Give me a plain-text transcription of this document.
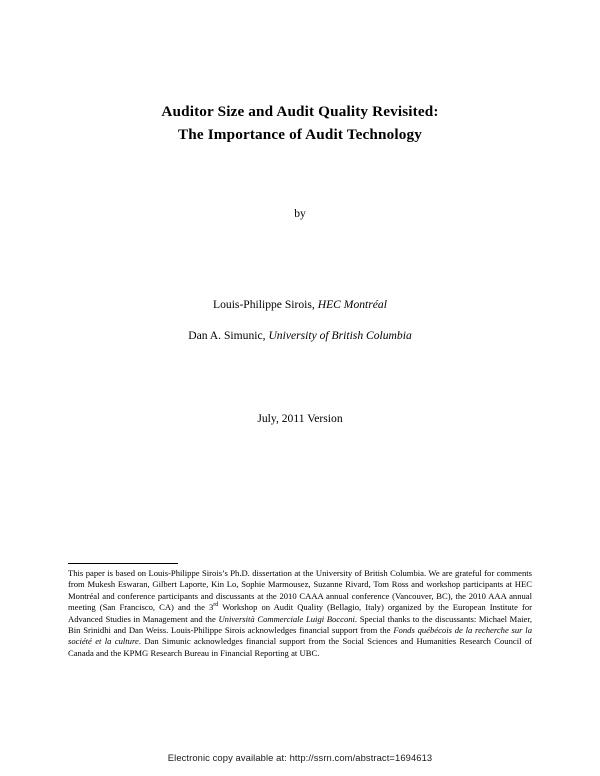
Auditor Size and Audit Quality Revisited:
The Importance of Audit Technology
by
Louis-Philippe Sirois, HEC Montréal
Dan A. Simunic, University of British Columbia
July, 2011 Version
This paper is based on Louis-Philippe Sirois’s Ph.D. dissertation at the University of British Columbia. We are grateful for comments from Mukesh Eswaran, Gilbert Laporte, Kin Lo, Sophie Marmousez, Suzanne Rivard, Tom Ross and workshop participants at HEC Montréal and conference participants and discussants at the 2010 CAAA annual conference (Vancouver, BC), the 2010 AAA annual meeting (San Francisco, CA) and the 3rd Workshop on Audit Quality (Bellagio, Italy) organized by the European Institute for Advanced Studies in Management and the Università Commerciale Luigi Bocconi. Special thanks to the discussants: Michael Maier, Bin Srinidhi and Dan Weiss. Louis-Philippe Sirois acknowledges financial support from the Fonds québécois de la recherche sur la société et la culture. Dan Simunic acknowledges financial support from the Social Sciences and Humanities Research Council of Canada and the KPMG Research Bureau in Financial Reporting at UBC.
Electronic copy available at: http://ssrn.com/abstract=1694613
